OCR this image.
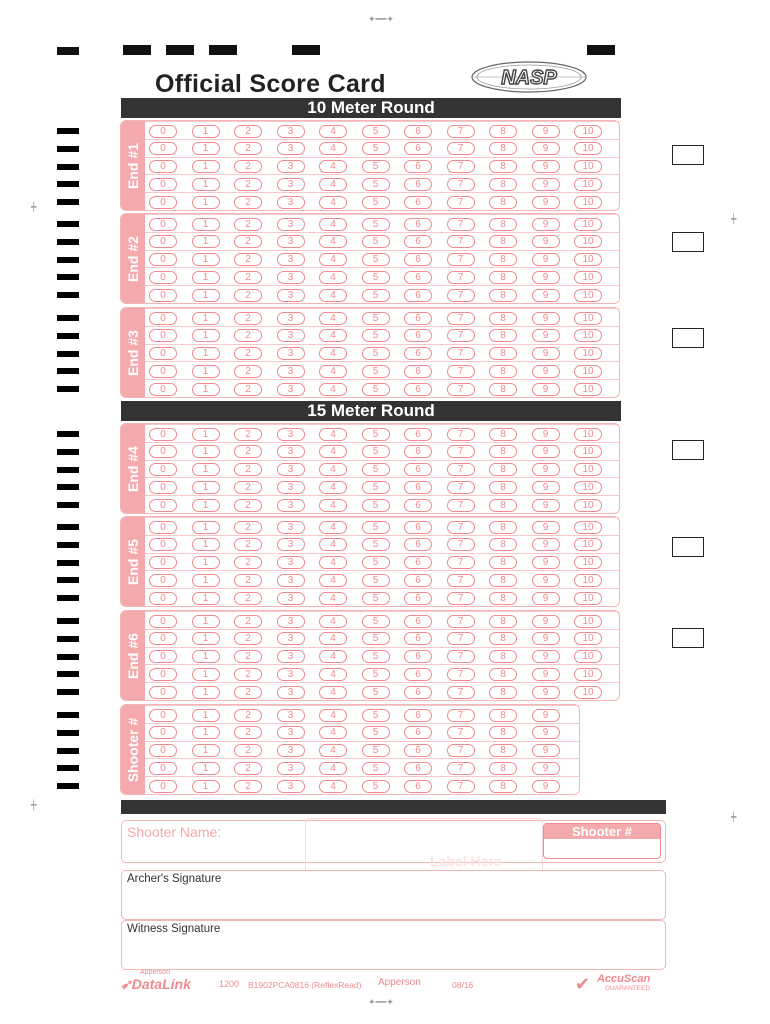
✦━━✦
┿
┿
┿
┿
✦━━✦
Official Score Card	NASP
10 Meter Round
15 Meter Round
End #1
0	1	2	3	4	5	6	7	8	9	10
0	1	2	3	4	5	6	7	8	9	10
0	1	2	3	4	5	6	7	8	9	10
0	1	2	3	4	5	6	7	8	9	10
0	1	2	3	4	5	6	7	8	9	10
End #2
0	1	2	3	4	5	6	7	8	9	10
0	1	2	3	4	5	6	7	8	9	10
0	1	2	3	4	5	6	7	8	9	10
0	1	2	3	4	5	6	7	8	9	10
0	1	2	3	4	5	6	7	8	9	10
End #3
0	1	2	3	4	5	6	7	8	9	10
0	1	2	3	4	5	6	7	8	9	10
0	1	2	3	4	5	6	7	8	9	10
0	1	2	3	4	5	6	7	8	9	10
0	1	2	3	4	5	6	7	8	9	10
End #4
0	1	2	3	4	5	6	7	8	9	10
0	1	2	3	4	5	6	7	8	9	10
0	1	2	3	4	5	6	7	8	9	10
0	1	2	3	4	5	6	7	8	9	10
0	1	2	3	4	5	6	7	8	9	10
End #5
0	1	2	3	4	5	6	7	8	9	10
0	1	2	3	4	5	6	7	8	9	10
0	1	2	3	4	5	6	7	8	9	10
0	1	2	3	4	5	6	7	8	9	10
0	1	2	3	4	5	6	7	8	9	10
End #6
0	1	2	3	4	5	6	7	8	9	10
0	1	2	3	4	5	6	7	8	9	10
0	1	2	3	4	5	6	7	8	9	10
0	1	2	3	4	5	6	7	8	9	10
0	1	2	3	4	5	6	7	8	9	10
Shooter #
0	1	2	3	4	5	6	7	8	9
0	1	2	3	4	5	6	7	8	9
0	1	2	3	4	5	6	7	8	9
0	1	2	3	4	5	6	7	8	9
0	1	2	3	4	5	6	7	8	9
Shooter Name:	Shooter #
Label Here
Archer's Signature
Witness Signature
Apperson
➶DataLink	1200 B1902PCA0816 (ReflexRead) Apperson	08/16	✔ AccuScan
GUARANTEED
